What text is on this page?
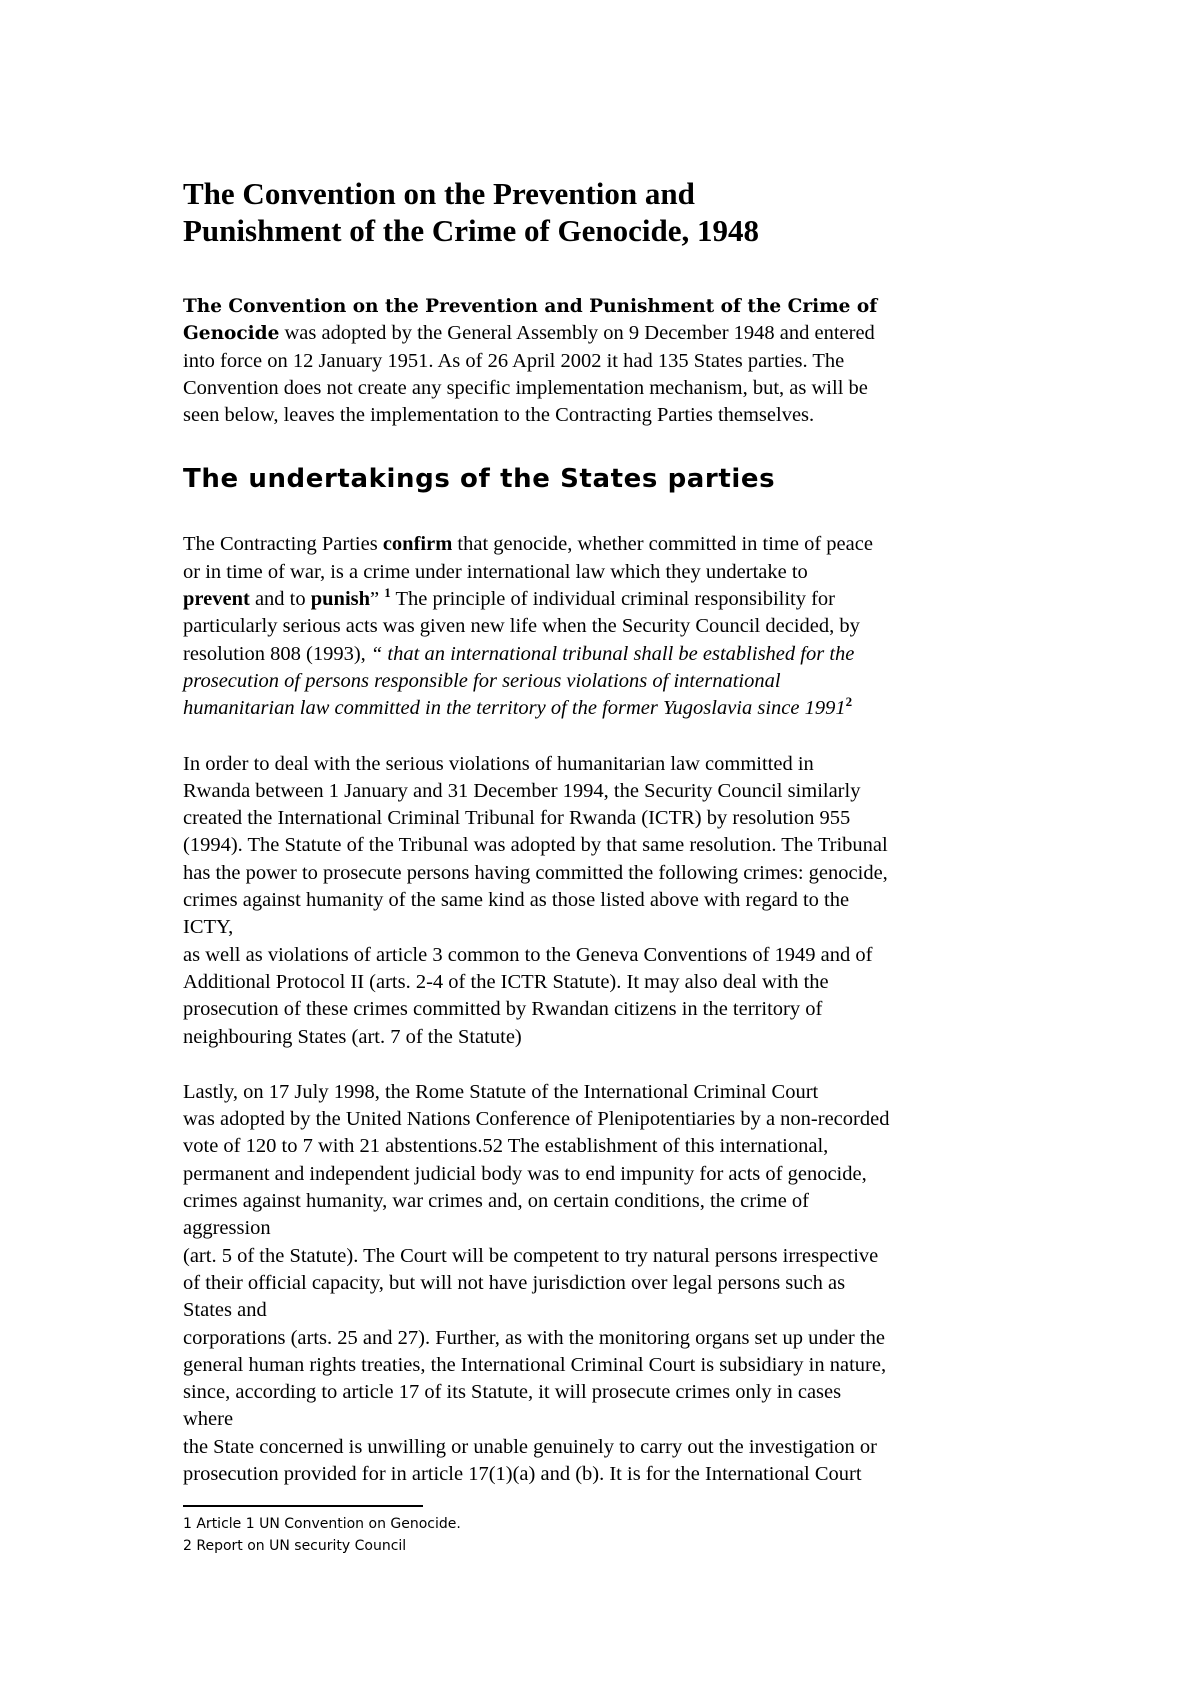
The Convention on the Prevention and
Punishment of the Crime of Genocide, 1948

The Convention on the Prevention and Punishment of the Crime of
Genocide was adopted by the General Assembly on 9 December 1948 and entered
into force on 12 January 1951. As of 26 April 2002 it had 135 States parties. The
Convention does not create any specific implementation mechanism, but, as will be
seen below, leaves the implementation to the Contracting Parties themselves.

The undertakings of the States parties

The Contracting Parties confirm that genocide, whether committed in time of peace
or in time of war, is a crime under international law which they undertake to
prevent and to punish” $^1$ The principle of individual criminal responsibility for
particularly serious acts was given new life when the Security Council decided, by
resolution 808 (1993), “ that an international tribunal shall be established for the
prosecution of persons responsible for serious violations of international
humanitarian law committed in the territory of the former Yugoslavia since 1991$^2$

In order to deal with the serious violations of humanitarian law committed in
Rwanda between 1 January and 31 December 1994, the Security Council similarly
created the International Criminal Tribunal for Rwanda (ICTR) by resolution 955
(1994). The Statute of the Tribunal was adopted by that same resolution. The Tribunal
has the power to prosecute persons having committed the following crimes: genocide,
crimes against humanity of the same kind as those listed above with regard to the
ICTY,
as well as violations of article 3 common to the Geneva Conventions of 1949 and of
Additional Protocol II (arts. 2-4 of the ICTR Statute). It may also deal with the
prosecution of these crimes committed by Rwandan citizens in the territory of
neighbouring States (art. 7 of the Statute)

Lastly, on 17 July 1998, the Rome Statute of the International Criminal Court
was adopted by the United Nations Conference of Plenipotentiaries by a non-recorded
vote of 120 to 7 with 21 abstentions.52 The establishment of this international,
permanent and independent judicial body was to end impunity for acts of genocide,
crimes against humanity, war crimes and, on certain conditions, the crime of
aggression
(art. 5 of the Statute). The Court will be competent to try natural persons irrespective
of their official capacity, but will not have jurisdiction over legal persons such as
States and
corporations (arts. 25 and 27). Further, as with the monitoring organs set up under the
general human rights treaties, the International Criminal Court is subsidiary in nature,
since, according to article 17 of its Statute, it will prosecute crimes only in cases
where
the State concerned is unwilling or unable genuinely to carry out the investigation or
prosecution provided for in article 17(1)(a) and (b). It is for the International Court

1 Article 1 UN Convention on Genocide.
2 Report on UN security Council
